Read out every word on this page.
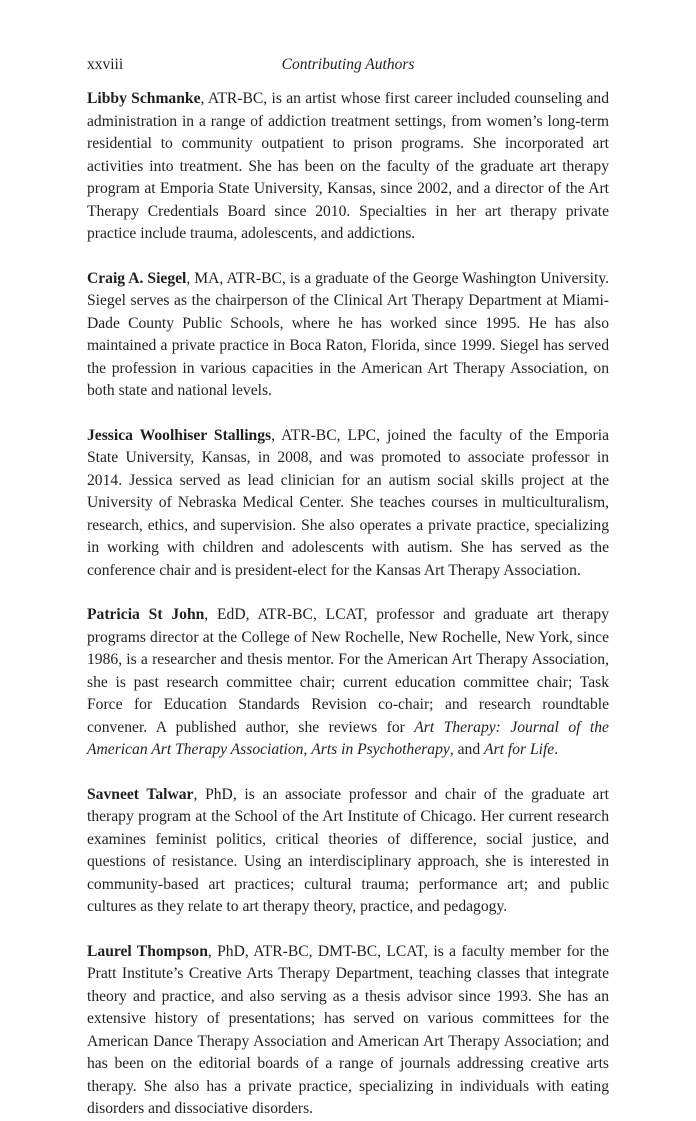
xxviii	Contributing Authors

Libby Schmanke, ATR-BC, is an artist whose first career included counseling and administration in a range of addiction treatment settings, from women’s long-term residential to community outpatient to prison programs. She incorporated art activities into treatment. She has been on the faculty of the graduate art therapy program at Emporia State University, Kansas, since 2002, and a director of the Art Therapy Credentials Board since 2010. Specialties in her art therapy private practice include trauma, adolescents, and addictions.

Craig A. Siegel, MA, ATR-BC, is a graduate of the George Washington University. Siegel serves as the chairperson of the Clinical Art Therapy Department at Miami-Dade County Public Schools, where he has worked since 1995. He has also maintained a private practice in Boca Raton, Florida, since 1999. Siegel has served the profession in various capacities in the American Art Therapy Association, on both state and national levels.

Jessica Woolhiser Stallings, ATR-BC, LPC, joined the faculty of the Emporia State University, Kansas, in 2008, and was promoted to associate professor in 2014. Jessica served as lead clinician for an autism social skills project at the University of Nebraska Medical Center. She teaches courses in multiculturalism, research, ethics, and supervision. She also operates a private practice, specializing in working with children and adolescents with autism. She has served as the conference chair and is president-elect for the Kansas Art Therapy Association.

Patricia St John, EdD, ATR-BC, LCAT, professor and graduate art therapy programs director at the College of New Rochelle, New Rochelle, New York, since 1986, is a researcher and thesis mentor. For the American Art Therapy Association, she is past research committee chair; current education committee chair; Task Force for Education Standards Revision co-chair; and research roundtable convener. A published author, she reviews for Art Therapy: Journal of the American Art Therapy Association, Arts in Psychotherapy, and Art for Life.

Savneet Talwar, PhD, is an associate professor and chair of the graduate art therapy program at the School of the Art Institute of Chicago. Her current research examines feminist politics, critical theories of difference, social justice, and questions of resistance. Using an interdisciplinary approach, she is interested in community-based art practices; cultural trauma; performance art; and public cultures as they relate to art therapy theory, practice, and pedagogy.

Laurel Thompson, PhD, ATR-BC, DMT-BC, LCAT, is a faculty member for the Pratt Institute’s Creative Arts Therapy Department, teaching classes that integrate theory and practice, and also serving as a thesis advisor since 1993. She has an extensive history of presentations; has served on various committees for the American Dance Therapy Association and American Art Therapy Association; and has been on the editorial boards of a range of journals addressing creative arts therapy. She also has a private practice, specializing in individuals with eating disorders and dissociative disorders.
